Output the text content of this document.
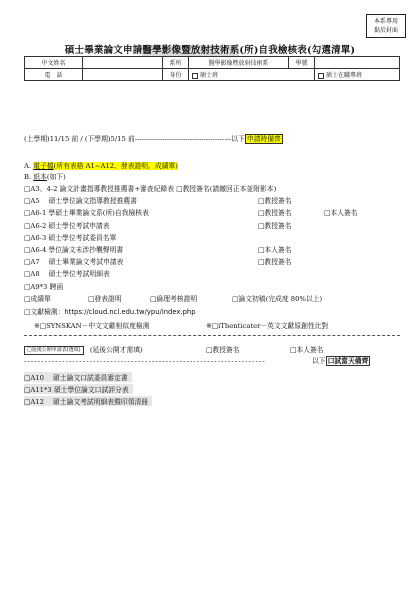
本系專用
黏於封面
碩士畢業論文申請醫學影像暨放射技術系(所)自我檢核表(勾選清單)
中文姓名		系所	醫學影像暨放射技術系	學號	
電　話		身份	碩士班		碩士在職專班
(上學期)11/15 前 / (下學期)5/15 前------------------------------------------以下 申請時備齊
A. 電子檔(所有表格 A1~A12、發表證明、成績單)
B. 紙本(如下)
□A3、4-2 論文計畫指導教授推薦書+審查紀錄表 □教授簽名(請繳回正本並附影本)
□A5　 碩士學位論文指導教授推薦書	□教授簽名
□A6-1 學碩士畢業論文系(所)自我檢核表	□教授簽名	□本人簽名
□A6-2 碩士學位考試申請表	□教授簽名
□A6-3 碩士學位考試委員名單
□A6-4 學位論文未涉抄襲聲明書	□本人簽名
□A7　 碩士畢業論文考試申請表	□教授簽名
□A8　 碩士學位考試明細表
□A9*3 聘函
□成績單	□發表證明	□倫理考核證明	□論文初稿(完成度 80%以上)
□文獻檢測：https://cloud.ncl.edu.tw/ypu/index.php
※□SYNSKAN－中文文獻相似度檢測	※□iThenticater－英文文獻原創性比對
□延後公開申請表(選填) (延後公開才需填)	□教授簽名	□本人簽名
- - - - - - - - - - - - - - - - - - - - - - - - - - - - - - - - - - - - - - - - - - - - - - - - - - - - - - - - - - - - - - - - - - - - - -	以下 口試當天備齊
□A10　 碩士論文口試委員審定書
□A11*3 碩士學位論文口試評分表
□A12　 碩士論文考試明細表暨印領清冊
